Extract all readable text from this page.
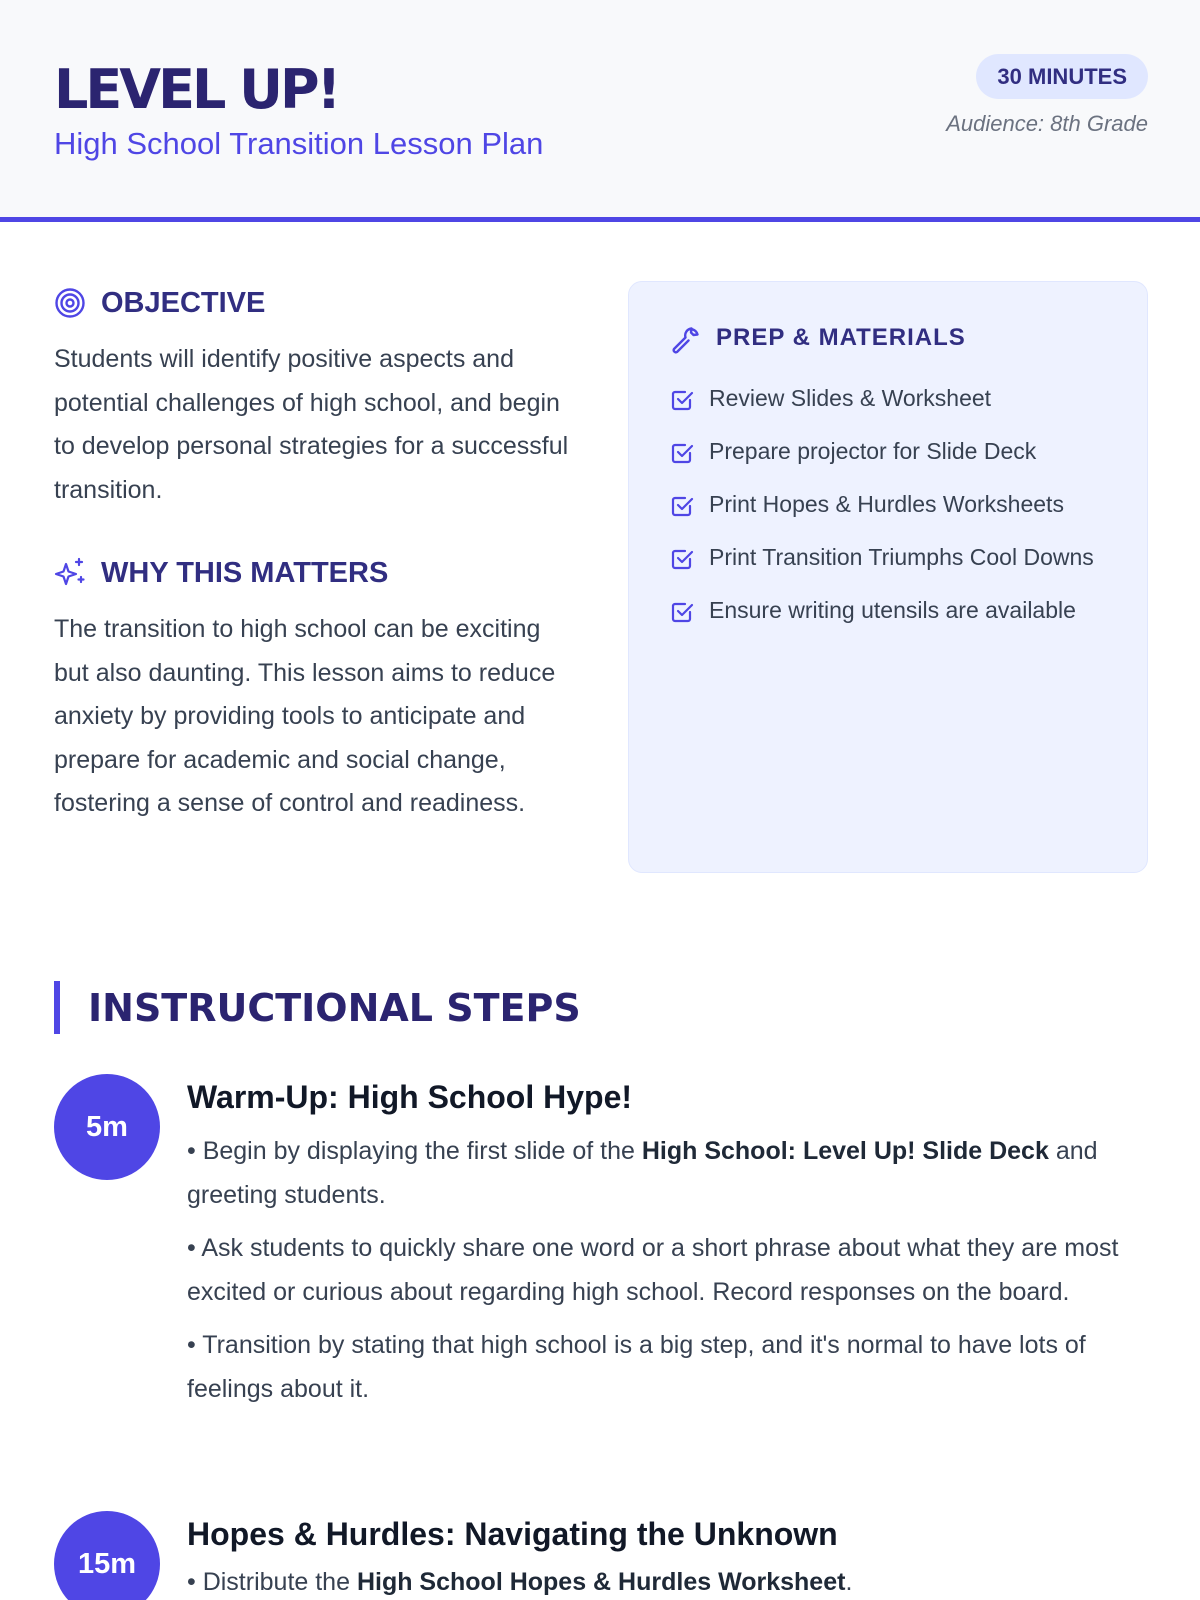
LEVEL UP!
High School Transition Lesson Plan
30 MINUTES
Audience: 8th Grade
OBJECTIVE

Students will identify positive aspects and potential challenges of high school, and begin to develop personal strategies for a successful transition.

WHY THIS MATTERS

The transition to high school can be exciting but also daunting. This lesson aims to reduce anxiety by providing tools to anticipate and prepare for academic and social change, fostering a sense of control and readiness.

PREP & MATERIALS
Review Slides & Worksheet
Prepare projector for Slide Deck
Print Hopes & Hurdles Worksheets
Print Transition Triumphs Cool Downs
Ensure writing utensils are available
INSTRUCTIONAL STEPS
5m
Warm-Up: High School Hype!

• Begin by displaying the first slide of the High School: Level Up! Slide Deck and greeting students.

• Ask students to quickly share one word or a short phrase about what they are most excited or curious about regarding high school. Record responses on the board.

• Transition by stating that high school is a big step, and it's normal to have lots of feelings about it.

15m
Hopes & Hurdles: Navigating the Unknown

• Distribute the High School Hopes & Hurdles Worksheet.
